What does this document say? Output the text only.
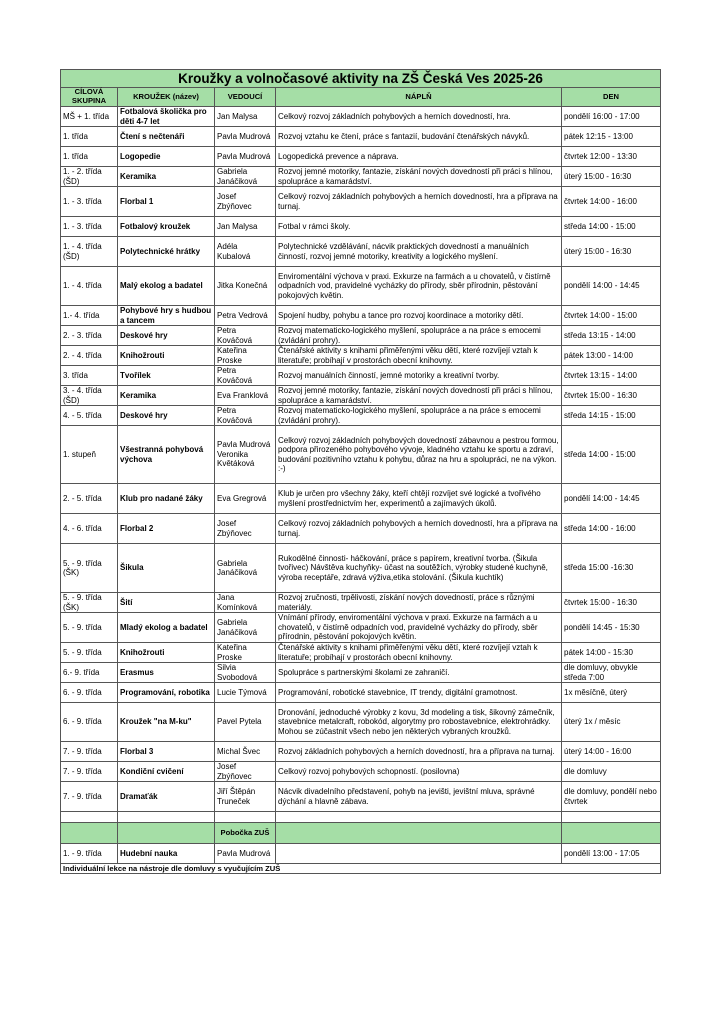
Kroužky a volnočasové aktivity na ZŠ Česká Ves 2025-26				
CÍLOVÁ SKUPINA	KROUŽEK (název)	VEDOUCÍ	NÁPLŇ	DEN
MŠ + 1. třída	Fotbalová školička pro děti 4-7 let	Jan Malysa	Celkový rozvoj základních pohybových a herních dovedností, hra.	pondělí 16:00 - 17:00
1. třída	Čtení s nečtenáři	Pavla Mudrová	Rozvoj vztahu ke čtení, práce s fantazií, budování čtenářských návyků.	pátek 12:15 - 13:00
1. třída	Logopedie	Pavla Mudrová	Logopedická prevence a náprava.	čtvrtek 12:00 - 13:30
1. - 2. třída (ŠD)	Keramika	Gabriela Janáčiková	Rozvoj jemné motoriky, fantazie, získání nových dovedností při práci s hlínou, spolupráce a kamarádství.	úterý 15:00 - 16:30
1. - 3. třída	Florbal 1	Josef Zbýňovec	Celkový rozvoj základních pohybových a herních dovedností, hra a příprava na turnaj.	čtvrtek 14:00 - 16:00
1. - 3. třída	Fotbalový kroužek	Jan Malysa	Fotbal v rámci školy.	středa 14:00 - 15:00
1. - 4. třída (ŠD)	Polytechnické hrátky	Adéla Kubalová	Polytechnické vzdělávání, nácvik praktických dovedností a manuálních činností, rozvoj jemné motoriky, kreativity a logického myšlení.	úterý 15:00 - 16:30
1. - 4. třída	Malý ekolog a badatel	Jitka Konečná	Enviromentální výchova v praxi. Exkurze na farmách a u chovatelů, v čistírně odpadních vod, pravidelné vycházky do přírody, sběr přírodnin, pěstování pokojových květin.	pondělí 14:00 - 14:45
1.- 4. třída	Pohybové hry s hudbou a tancem	Petra Vedrová	Spojení hudby, pohybu a tance pro rozvoj koordinace a motoriky dětí.	čtvrtek 14:00 - 15:00
2. - 3. třída	Deskové hry	Petra Kováčová	Rozvoj matematicko-logického myšlení, spolupráce a na práce s emocemi (zvládání prohry).	středa 13:15 - 14:00
2. - 4. třída	Knihožrouti	Kateřina Proske	Čtenářské aktivity s knihami přiměřenými věku dětí, které rozvíjejí vztah k literatuře; probíhají v prostorách obecní knihovny.	pátek 13:00 - 14:00
3. třída	Tvořílek	Petra Kováčová	Rozvoj manuálních činností, jemné motoriky a kreativní tvorby.	čtvrtek 13:15 - 14:00
3. - 4. třída (ŠD)	Keramika	Eva Franklová	Rozvoj jemné motoriky, fantazie, získání nových dovedností při práci s hlínou, spolupráce a kamarádství.	čtvrtek 15:00 - 16:30
4. - 5. třída	Deskové hry	Petra Kováčová	Rozvoj matematicko-logického myšlení, spolupráce a na práce s emocemi (zvládání prohry).	středa 14:15 - 15:00
1. stupeň	Všestranná pohybová výchova	Pavla Mudrová Veronika Květáková	Celkový rozvoj základních pohybových dovedností zábavnou a pestrou formou, podpora přirozeného pohybového vývoje, kladného vztahu ke sportu a zdraví, budování pozitivního vztahu k pohybu, důraz na hru a spolupráci, ne na výkon. :-)	středa 14:00 - 15:00
2. - 5. třída	Klub pro nadané žáky	Eva Gregrová	Klub je určen pro všechny žáky, kteří chtějí rozvíjet své logické a tvořivého myšlení prostřednictvím her, experimentů a zajímavých úkolů.	pondělí 14:00 - 14:45
4. - 6. třída	Florbal 2	Josef Zbýňovec	Celkový rozvoj základních pohybových a herních dovedností, hra a příprava na turnaj.	středa 14:00 - 16:00
5. - 9. třída (ŠK)	Šikula	Gabriela Janáčiková	Rukodělné činnosti- háčkování, práce s papírem, kreativní tvorba. (Šikula tvořivec) Návštěva kuchyňky- účast na soutěžích, výrobky studené kuchyně, výroba receptáře, zdravá výživa,etika stolování. (Šikula kuchtík)	středa 15:00 -16:30
5. - 9. třída (ŠK)	Šití	Jana Komínková	Rozvoj zručnosti, trpělivosti, získání nových dovedností, práce s různými materiály.	čtvrtek 15:00 - 16:30
5. - 9. třída	Mladý ekolog a badatel	Gabriela Janáčiková	Vnímání přírody, enviromentální výchova v praxi. Exkurze na farmách a u chovatelů, v čistírně odpadních vod, pravidelné vycházky do přírody, sběr přírodnin, pěstování pokojových květin.	pondělí 14:45 - 15:30
5. - 9. třída	Knihožrouti	Kateřina Proske	Čtenářské aktivity s knihami přiměřenými věku dětí, které rozvíjejí vztah k literatuře; probíhají v prostorách obecní knihovny.	pátek 14:00 - 15:30
6.- 9. třída	Erasmus	Silvia Svobodová	Spolupráce s partnerskými školami ze zahraničí.	dle domluvy, obvykle středa 7:00
6. - 9. třída	Programování, robotika	Lucie Týmová	Programování, robotické stavebnice, IT trendy, digitální gramotnost.	1x měsíčně, úterý
6. - 9. třída	Kroužek "na M-ku"	Pavel Pytela	Dronování, jednoduché výrobky z kovu, 3d modeling a tisk, šikovný zámečník, stavebnice metalcraft, robokód, algorytmy pro robostavebnice, elektrohrádky. Mohou se zúčastnit všech nebo jen některých vybraných kroužků.	úterý 1x / měsíc
7. - 9. třída	Florbal 3	Michal Švec	Rozvoj základních pohybových a herních dovedností, hra a příprava na turnaj.	úterý 14:00 - 16:00
7. - 9. třída	Kondiční cvičení	Josef Zbýňovec	Celkový rozvoj pohybových schopností. (posilovna)	dle domluvy
7. - 9. třída	Dramaťák	Jiří Štěpán Truneček	Nácvik divadelního představení, pohyb na jevišti, jevištní mluva, správné dýchání a hlavně zábava.	dle domluvy, pondělí nebo čtvrtek

		Pobočka ZUŠ		
1. - 9. třída	Hudební nauka	Pavla Mudrová		pondělí 13:00 - 17:05
Individuální lekce na nástroje dle domluvy s vyučujícím ZUŠ				
